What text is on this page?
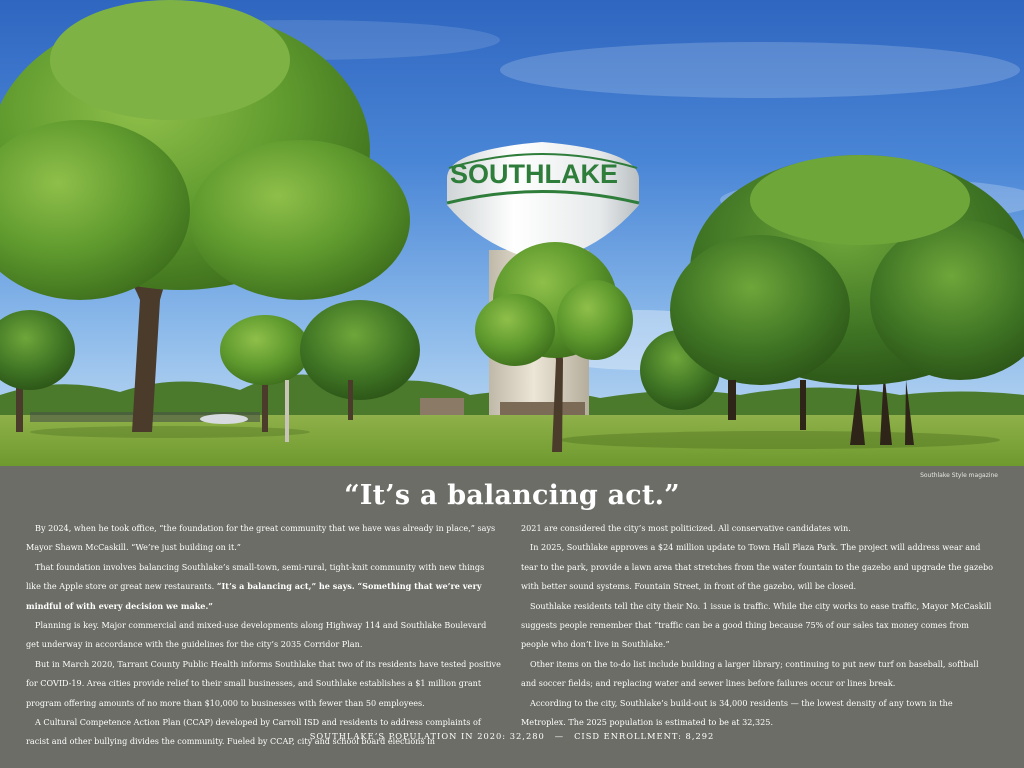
SOUTHLAKE
Southlake Style magazine
“It’s a balancing act.”

By 2024, when he took office, “the foundation for the great community that we have was already in place,” says Mayor Shawn McCaskill. “We’re just building on it.”

That foundation involves balancing Southlake’s small-town, semi-rural, tight-knit community with new things like the Apple store or great new restaurants. “It’s a balancing act,” he says. “Something that we’re very mindful of with every decision we make.”

Planning is key. Major commercial and mixed-use developments along Highway 114 and Southlake Boulevard get underway in accordance with the guidelines for the city’s 2035 Corridor Plan.

But in March 2020, Tarrant County Public Health informs Southlake that two of its residents have tested positive for COVID-19. Area cities provide relief to their small businesses, and Southlake establishes a $1 million grant program offering amounts of no more than $10,000 to businesses with fewer than 50 employees.

A Cultural Competence Action Plan (CCAP) developed by Carroll ISD and residents to address complaints of racist and other bullying divides the community. Fueled by CCAP, city and school board elections in

2021 are considered the city’s most politicized. All conservative candidates win.

In 2025, Southlake approves a $24 million update to Town Hall Plaza Park. The project will address wear and tear to the park, provide a lawn area that stretches from the water fountain to the gazebo and upgrade the gazebo with better sound systems. Fountain Street, in front of the gazebo, will be closed.

Southlake residents tell the city their No. 1 issue is traffic. While the city works to ease traffic, Mayor McCaskill suggests people remember that “traffic can be a good thing because 75% of our sales tax money comes from people who don’t live in Southlake.”

Other items on the to-do list include building a larger library; continuing to put new turf on baseball, softball and soccer fields; and replacing water and sewer lines before failures occur or lines break.

According to the city, Southlake’s build-out is 34,000 residents — the lowest density of any town in the Metroplex. The 2025 population is estimated to be at 32,325.

SOUTHLAKE’S POPULATION IN 2020: 32,280 — CISD ENROLLMENT: 8,292
